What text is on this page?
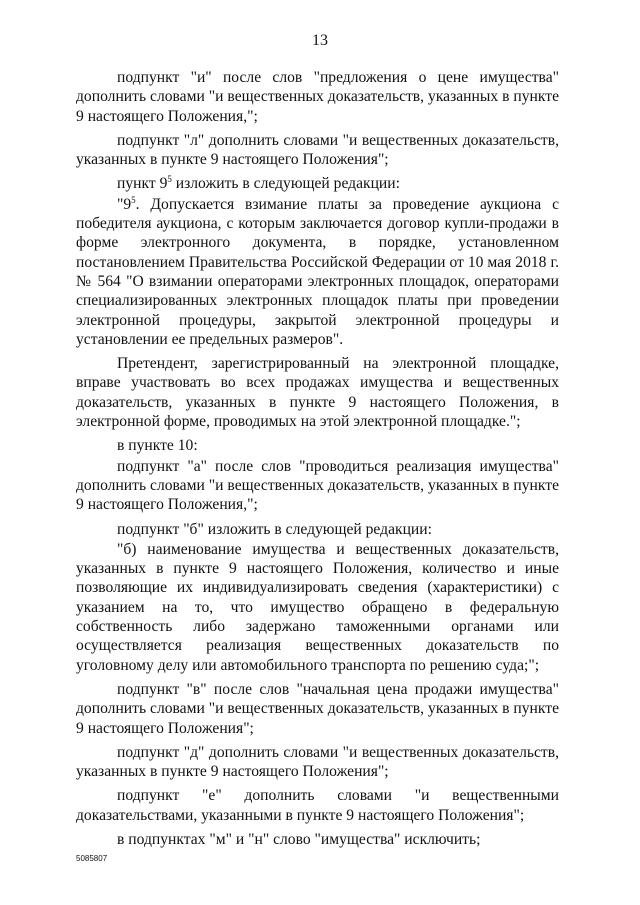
13

подпункт "и" после слов "предложения о цене имущества" дополнить словами "и вещественных доказательств, указанных в пункте 9 настоящего Положения,";

подпункт "л" дополнить словами "и вещественных доказательств, указанных в пункте 9 настоящего Положения";

пункт $9^5$ изложить в следующей редакции:

"$9^5$. Допускается взимание платы за проведение аукциона с победителя аукциона, с которым заключается договор купли-продажи в форме электронного документа, в порядке, установленном постановлением Правительства Российской Федерации от 10 мая 2018 г. № 564 "О взимании операторами электронных площадок, операторами специализированных электронных площадок платы при проведении электронной процедуры, закрытой электронной процедуры и установлении ее предельных размеров".

Претендент, зарегистрированный на электронной площадке, вправе участвовать во всех продажах имущества и вещественных доказательств, указанных в пункте 9 настоящего Положения, в электронной форме, проводимых на этой электронной площадке.";

в пункте 10:

подпункт "а" после слов "проводиться реализация имущества" дополнить словами "и вещественных доказательств, указанных в пункте 9 настоящего Положения,";

подпункт "б" изложить в следующей редакции:

"б) наименование имущества и вещественных доказательств, указанных в пункте 9 настоящего Положения, количество и иные позволяющие их индивидуализировать сведения (характеристики) с указанием на то, что имущество обращено в федеральную собственность либо задержано таможенными органами или осуществляется реализация вещественных доказательств по уголовному делу или автомобильного транспорта по решению суда;";

подпункт "в" после слов "начальная цена продажи имущества" дополнить словами "и вещественных доказательств, указанных в пункте 9 настоящего Положения";

подпункт "д" дополнить словами "и вещественных доказательств, указанных в пункте 9 настоящего Положения";

подпункт "е" дополнить словами "и вещественными доказательствами, указанными в пункте 9 настоящего Положения";

в подпунктах "м" и "н" слово "имущества" исключить;

5085807
